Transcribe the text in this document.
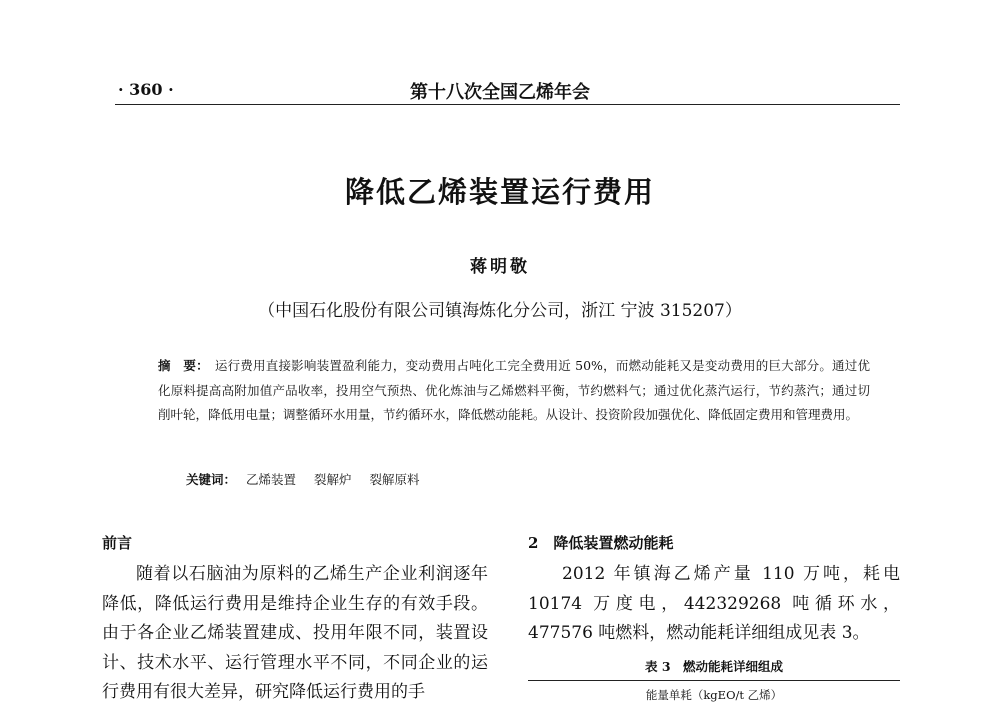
· 360 ·	第十八次全国乙烯年会
降低乙烯装置运行费用
蒋明敬
（中国石化股份有限公司镇海炼化分公司，浙江 宁波 315207）
摘　要： 运行费用直接影响装置盈利能力，变动费用占吨化工完全费用近 50%，而燃动能耗又是变动费用的巨大部分。通过优化原料提高高附加值产品收率，投用空气预热、优化炼油与乙烯燃料平衡，节约燃料气；通过优化蒸汽运行，节约蒸汽；通过切削叶轮，降低用电量；调整循环水用量，节约循环水，降低燃动能耗。从设计、投资阶段加强优化、降低固定费用和管理费用。
关键词： 乙烯装置 裂解炉 裂解原料
前言
随着以石脑油为原料的乙烯生产企业利润逐年降低，降低运行费用是维持企业生存的有效手段。由于各企业乙烯装置建成、投用年限不同，装置设计、技术水平、运行管理水平不同，不同企业的运行费用有很大差异，研究降低运行费用的手
2　降低装置燃动能耗
2012 年镇海乙烯产量 110 万吨，耗电 10174 万度电，442329268 吨循环水，477576 吨燃料，燃动能耗详细组成见表 3。
表 3　燃动能耗详细组成
能量单耗（kgEO/t 乙烯）
